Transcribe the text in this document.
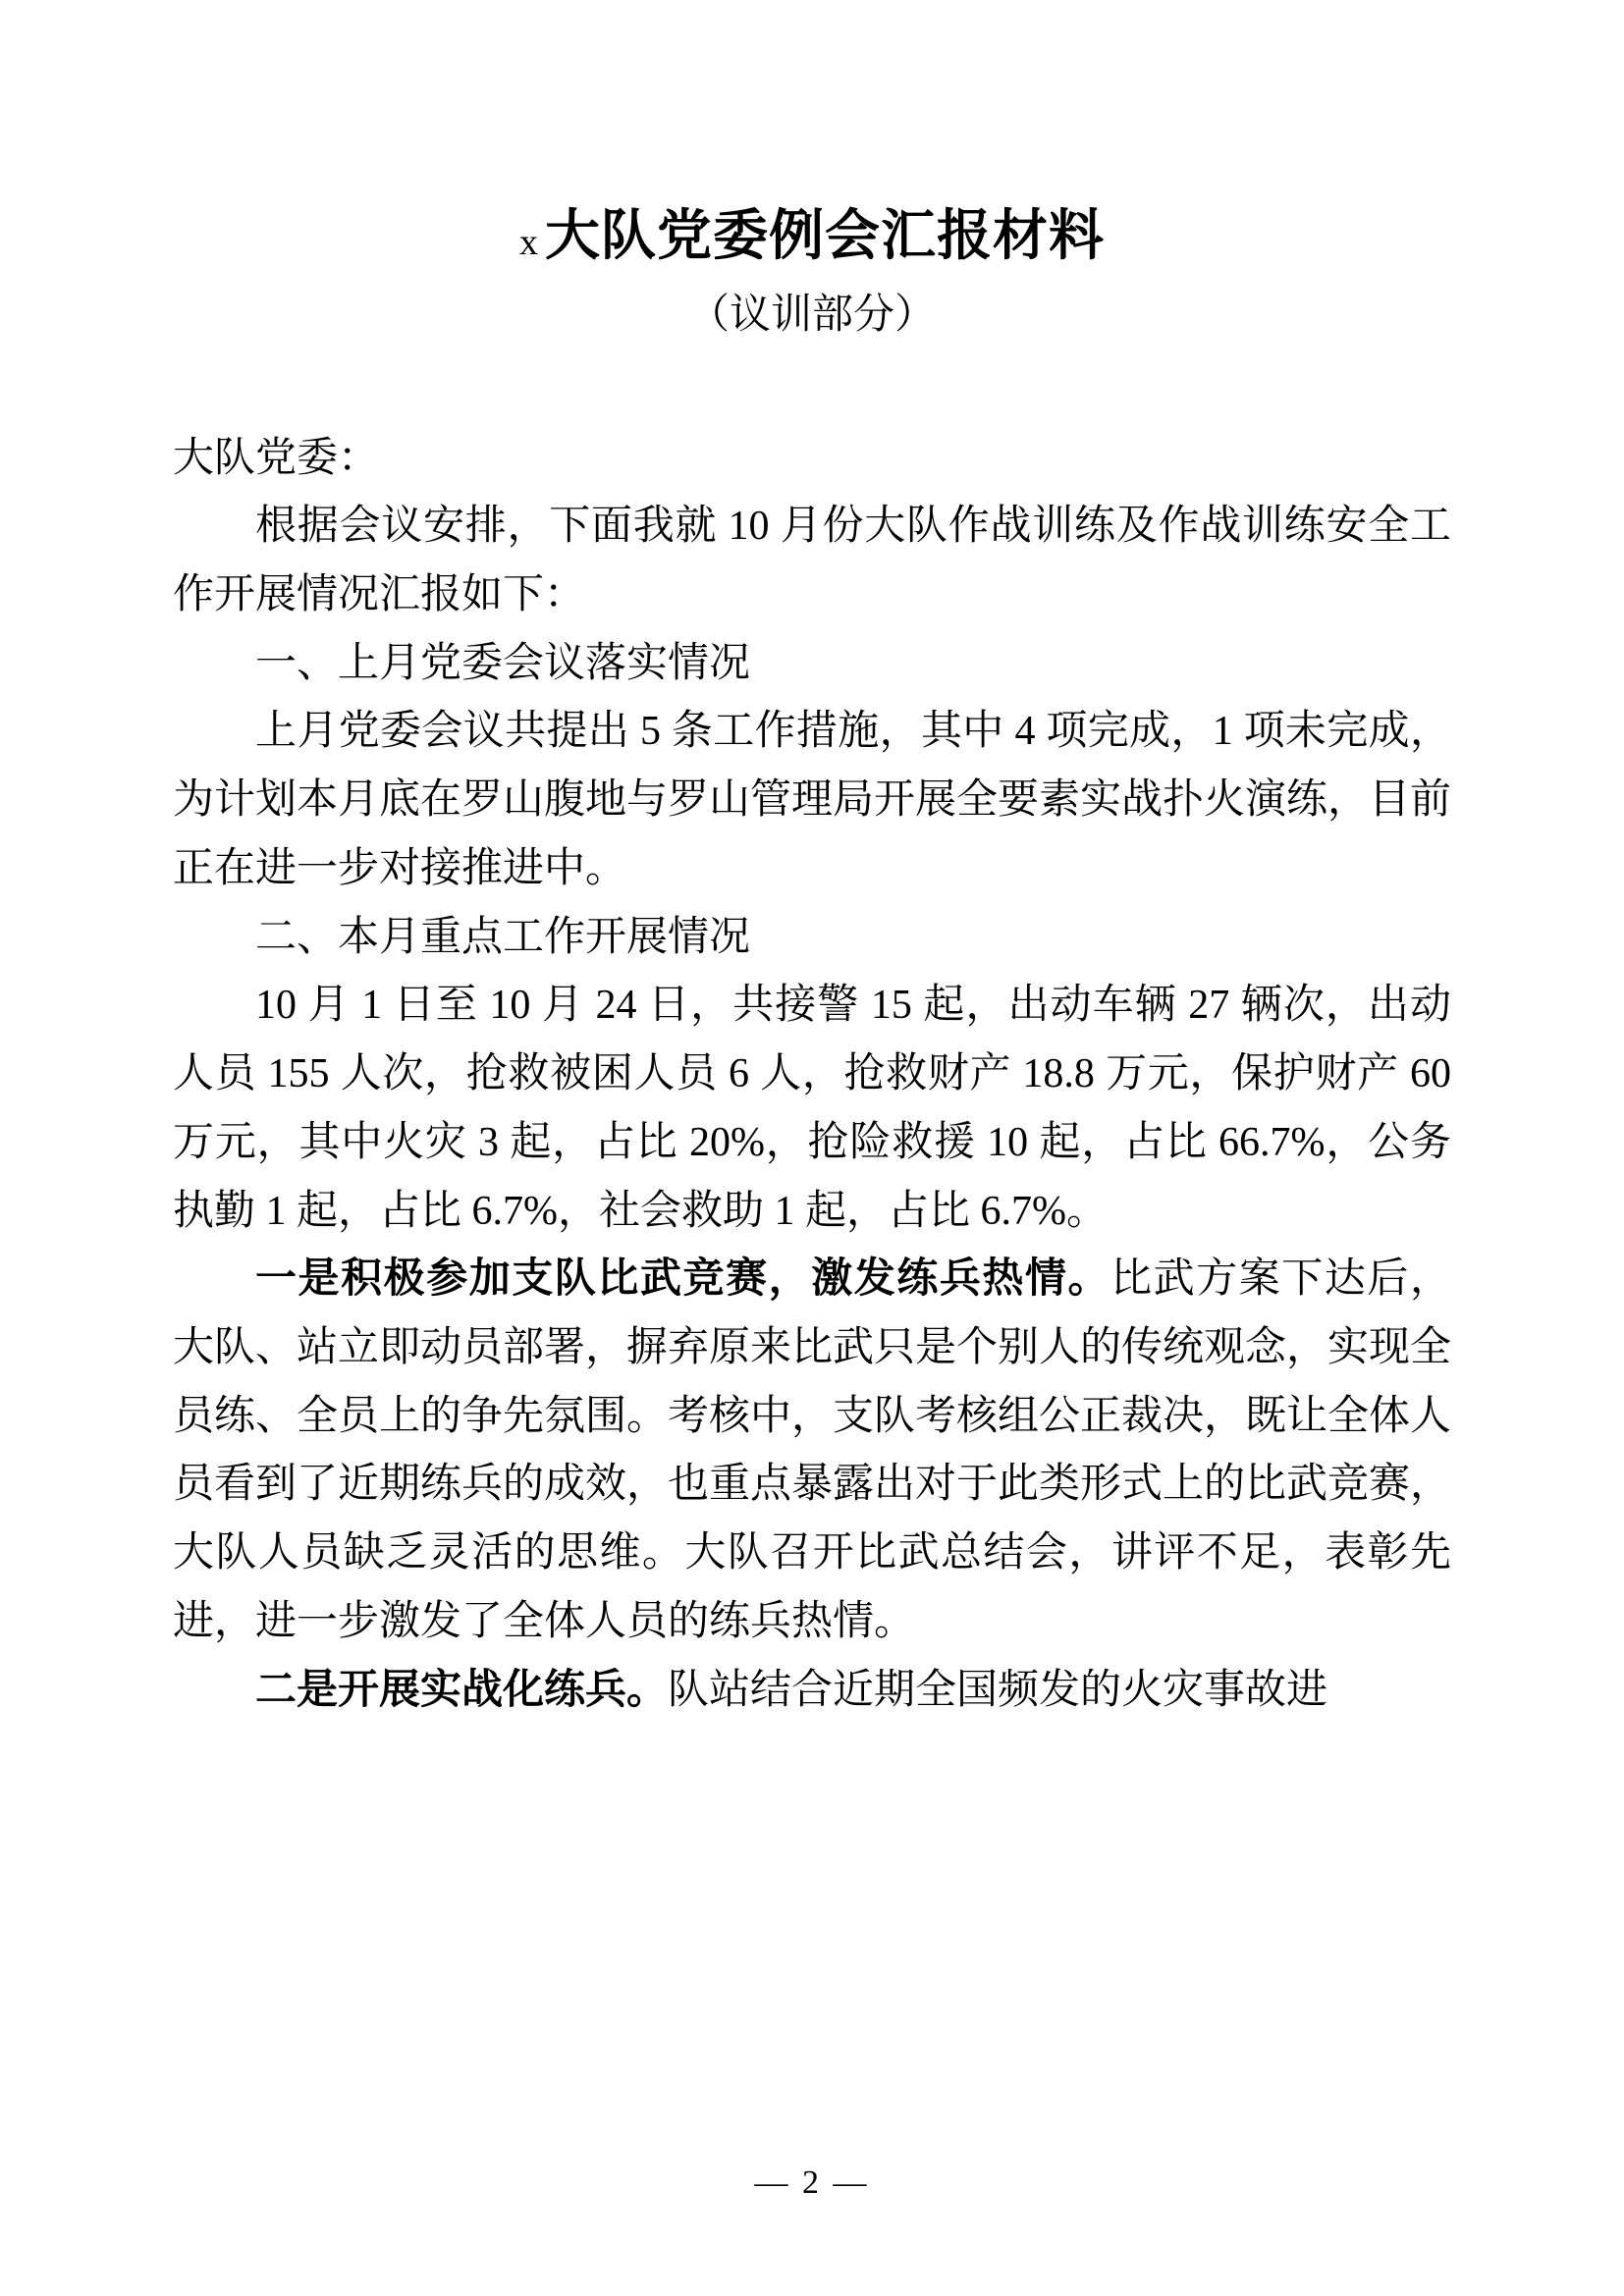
x 大队党委例会汇报材料
（议训部分）

大队党委：

根据会议安排，下面我就 10 月份大队作战训练及作战训练安全工作开展情况汇报如下：

一、上月党委会议落实情况

上月党委会议共提出 5 条工作措施，其中 4 项完成，1 项未完成，为计划本月底在罗山腹地与罗山管理局开展全要素实战扑火演练，目前正在进一步对接推进中。

二、本月重点工作开展情况

10 月 1 日至 10 月 24 日，共接警 15 起，出动车辆 27 辆次，出动人员 155 人次，抢救被困人员 6 人，抢救财产 18.8 万元，保护财产 60 万元，其中火灾 3 起，占比 20%，抢险救援 10 起，占比 66.7%，公务执勤 1 起，占比 6.7%，社会救助 1 起，占比 6.7%。

一是积极参加支队比武竞赛，激发练兵热情。比武方案下达后，大队、站立即动员部署，摒弃原来比武只是个别人的传统观念，实现全员练、全员上的争先氛围。考核中，支队考核组公正裁决，既让全体人员看到了近期练兵的成效，也重点暴露出对于此类形式上的比武竞赛，大队人员缺乏灵活的思维。大队召开比武总结会，讲评不足，表彰先进，进一步激发了全体人员的练兵热情。

二是开展实战化练兵。队站结合近期全国频发的火灾事故进

— 2 —
